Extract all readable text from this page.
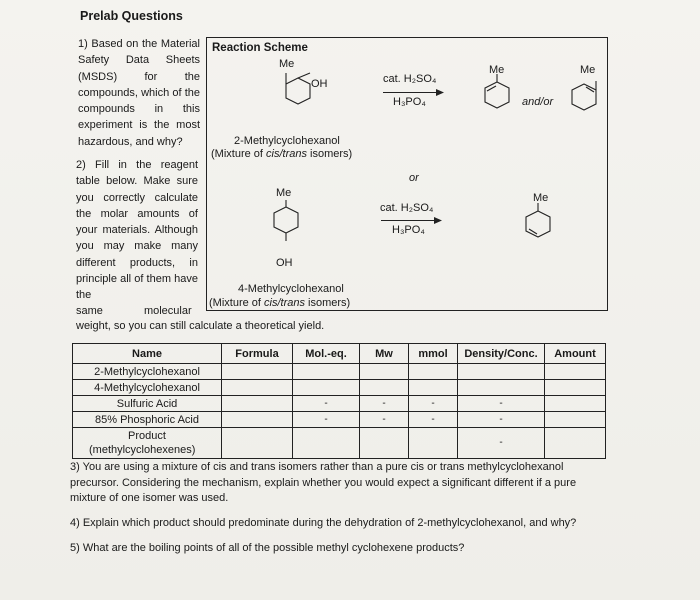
Prelab Questions
1) Based on the Material Safety Data Sheets (MSDS) for the compounds, which of the compounds in this experiment is the most hazardous, and why?
2) Fill in the reagent table below. Make sure you correctly calculate the molar amounts of your materials. Although you may make many different products, in principle all of them have the
same molecular
weight, so you can still calculate a theoretical yield.
Reaction Scheme
Me
OH
2-Methylcyclohexanol
(Mixture of cis/trans isomers)
cat. H₂SO₄
H₃PO₄
Me
and/or
Me
or
Me
OH
4-Methylcyclohexanol
(Mixture of cis/trans isomers)
cat. H₂SO₄
H₃PO₄
Me
Name	Formula	Mol.-eq.	Mw	mmol	Density/Conc.	Amount
2-Methylcyclohexanol						
4-Methylcyclohexanol						
Sulfuric Acid		-	-	-	-	
85% Phosphoric Acid		-	-	-	-	

Product
(methylcyclohexenes)					-	
3) You are using a mixture of cis and trans isomers rather than a pure cis or trans methylcyclohexanol precursor. Considering the mechanism, explain whether you would expect a significant different if a pure mixture of one isomer was used.
4) Explain which product should predominate during the dehydration of 2-methylcyclohexanol, and why?
5) What are the boiling points of all of the possible methyl cyclohexene products?
